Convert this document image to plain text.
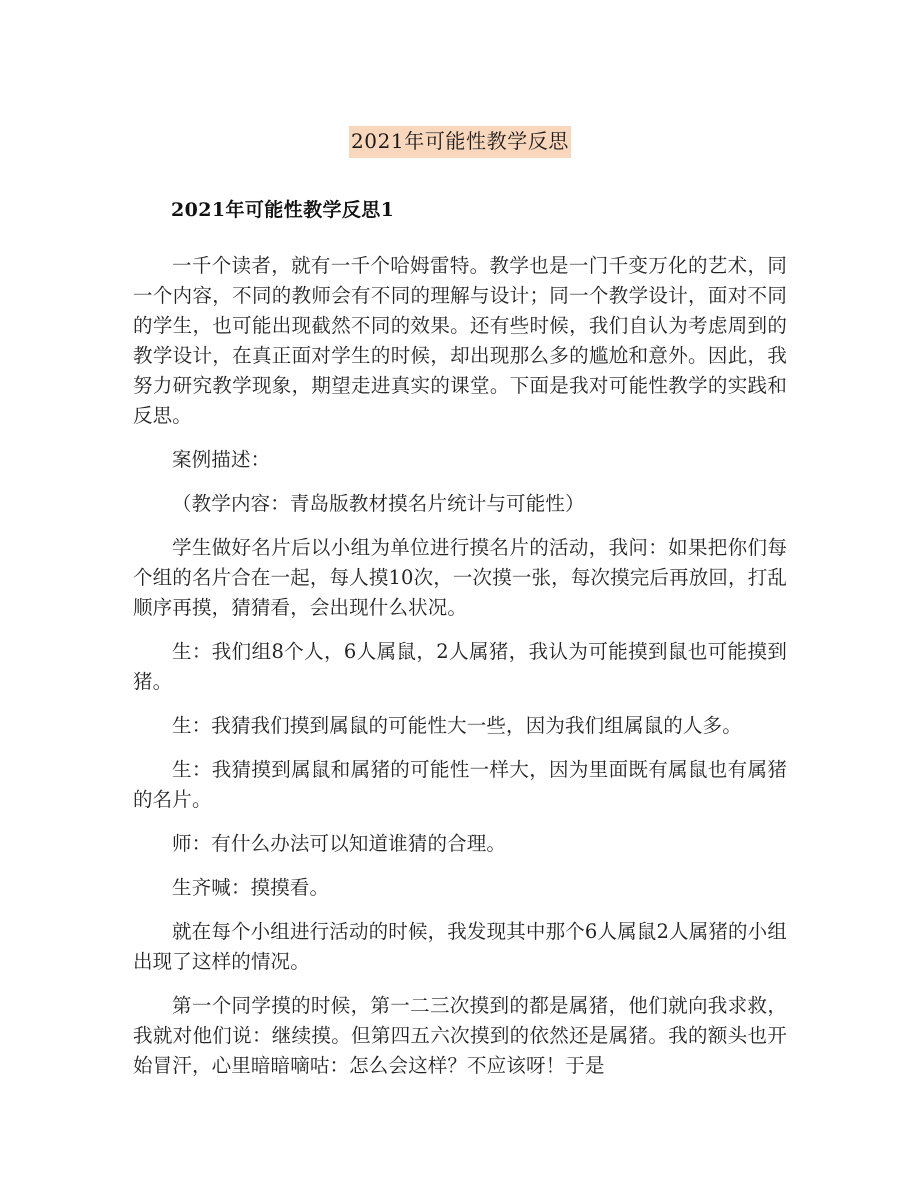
2021年可能性教学反思
2021年可能性教学反思1
一千个读者，就有一千个哈姆雷特。教学也是一门千变万化的艺术，同一个内容，不同的教师会有不同的理解与设计；同一个教学设计，面对不同的学生，也可能出现截然不同的效果。还有些时候，我们自认为考虑周到的教学设计，在真正面对学生的时候，却出现那么多的尴尬和意外。因此，我努力研究教学现象，期望走进真实的课堂。下面是我对可能性教学的实践和反思。
案例描述：
（教学内容：青岛版教材摸名片统计与可能性）
学生做好名片后以小组为单位进行摸名片的活动，我问：如果把你们每个组的名片合在一起，每人摸10次，一次摸一张，每次摸完后再放回，打乱顺序再摸，猜猜看，会出现什么状况。
生：我们组8个人，6人属鼠，2人属猪，我认为可能摸到鼠也可能摸到猪。
生：我猜我们摸到属鼠的可能性大一些，因为我们组属鼠的人多。
生：我猜摸到属鼠和属猪的可能性一样大，因为里面既有属鼠也有属猪的名片。
师：有什么办法可以知道谁猜的合理。
生齐喊：摸摸看。
就在每个小组进行活动的时候，我发现其中那个6人属鼠2人属猪的小组出现了这样的情况。
第一个同学摸的时候，第一二三次摸到的都是属猪，他们就向我求救，我就对他们说：继续摸。但第四五六次摸到的依然还是属猪。我的额头也开始冒汗，心里暗暗嘀咕：怎么会这样？不应该呀！于是
